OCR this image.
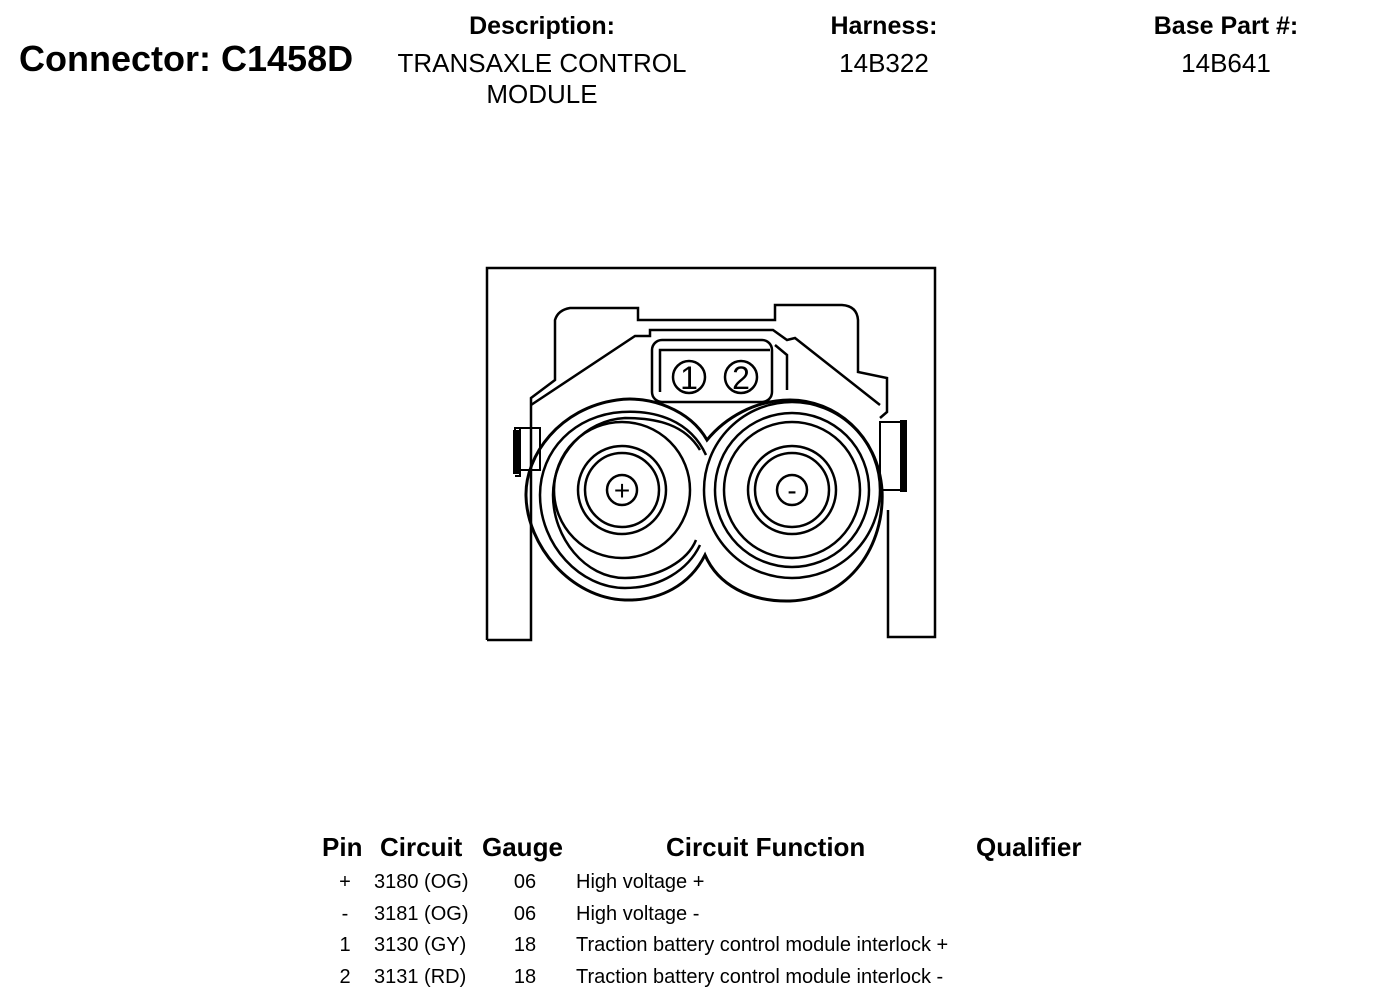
Connector: C1458D
Description:
TRANSAXLE CONTROL MODULE
Harness:
14B322
Base Part #:
14B641
1 2
+	-
Pin Circuit Gauge	Circuit Function	Qualifier
+	3180 (OG)	06	High voltage +
-	3181 (OG)	06	High voltage -
1	3130 (GY)	18	Traction battery control module interlock +
2	3131 (RD)	18	Traction battery control module interlock -
